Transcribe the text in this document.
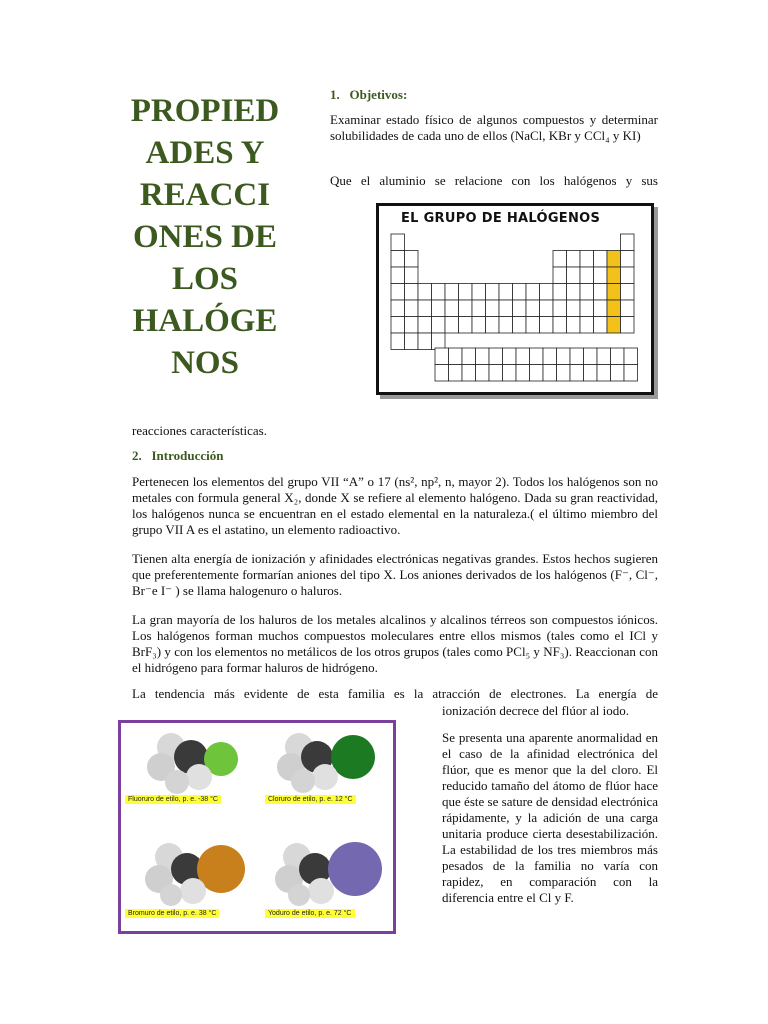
PROPIED
ADES Y
REACCI
ONES DE
LOS
HALÓGE
NOS
1.   Objetivos:

Examinar estado físico de algunos compuestos y determinar solubilidades de cada uno de ellos (NaCl, KBr y CCl₄ y KI)

Que el aluminio se relacione con los halógenos y sus

EL GRUPO DE HALÓGENOS

reacciones características.

2.   Introducción

Pertenecen los elementos del grupo VII “A” o 17 (ns², np², n, mayor 2). Todos los halógenos son no metales con formula general X₂, donde X se refiere al elemento halógeno. Dada su gran reactividad, los halógenos nunca se encuentran en el estado elemental en la naturaleza.( el último miembro del grupo VII A es el astatino, un elemento radioactivo.

Tienen alta energía de ionización y afinidades electrónicas negativas grandes. Estos hechos sugieren que preferentemente formarían aniones del tipo X. Los aniones derivados de los halógenos (F⁻, Cl⁻, Br⁻e I⁻ ) se llama halogenuro o haluros.

La gran mayoría de los haluros de los metales alcalinos y alcalinos térreos son compuestos iónicos. Los halógenos forman muchos compuestos moleculares entre ellos mismos (tales como el ICl y BrF₃) y con los elementos no metálicos de los otros grupos (tales como PCl₅ y NF₃). Reaccionan con el hidrógeno para formar haluros de hidrógeno.

La tendencia más evidente de esta familia es la atracción de electrones. La energía de

ionización decrece del flúor al iodo.

Se presenta una aparente anormalidad en el caso de la afinidad electrónica del flúor, que es menor que la del cloro. El reducido tamaño del átomo de flúor hace que éste se sature de densidad electrónica rápidamente, y la adición de una carga unitaria produce cierta desestabilización. La estabilidad de los tres miembros más pesados de la familia no varía con rapidez, en comparación con la diferencia entre el Cl y F.

Fluoruro de etilo, p. e. -38 °C	Cloruro de etilo, p. e. 12 °C
Bromuro de etilo, p. e. 38 °C	Yoduro de etilo, p. e. 72 °C
